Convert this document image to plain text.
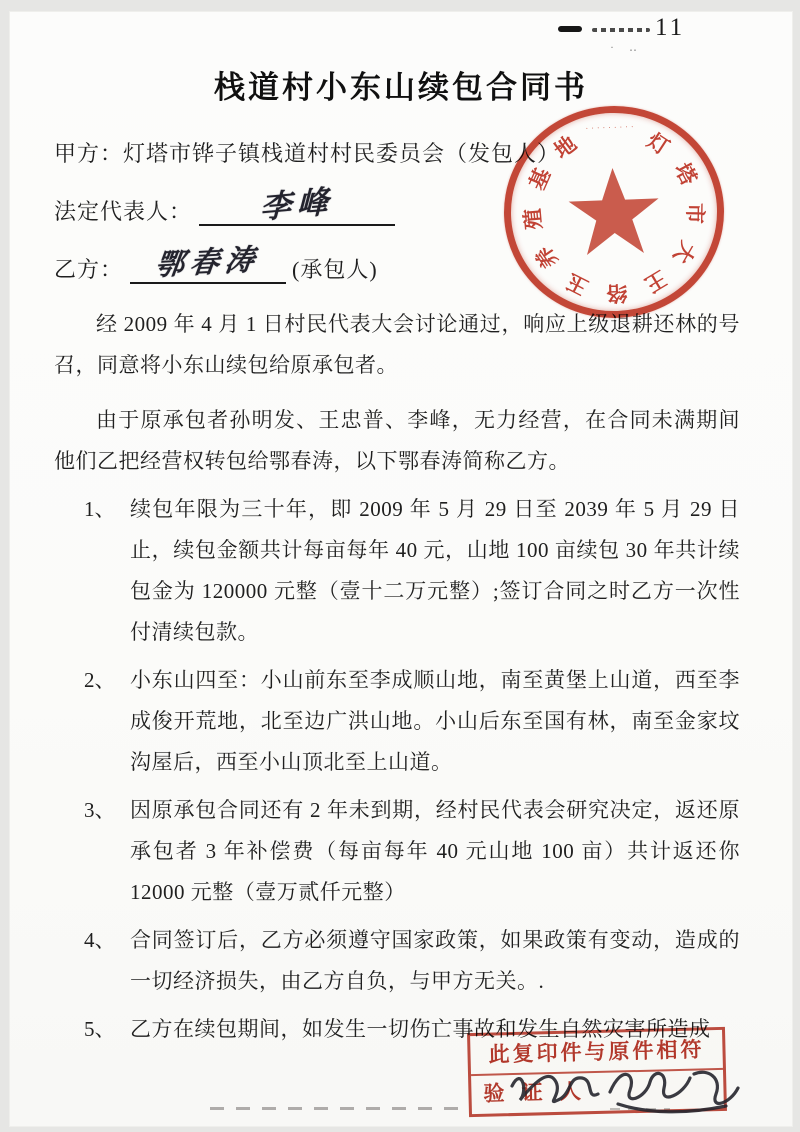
· ‥
11
栈道村小东山续包合同书
甲方：灯塔市铧子镇栈道村村民委员会（发包人）
法定代表人： 李峰
乙方： 鄂春涛 (承包人)

经 2009 年 4 月 1 日村民代表大会讨论通过，响应上级退耕还林的号召，同意将小东山续包给原承包者。

由于原承包者孙明发、王忠普、李峰，无力经营，在合同未满期间他们乙把经营权转包给鄂春涛，以下鄂春涛简称乙方。

1、 续包年限为三十年，即 2009 年 5 月 29 日至 2039 年 5 月 29 日止，续包金额共计每亩每年 40 元，山地 100 亩续包 30 年共计续包金为 120000 元整（壹十二万元整）;签订合同之时乙方一次性付清续包款。
2、 小东山四至：小山前东至李成顺山地，南至黄堡上山道，西至李成俊开荒地，北至边广洪山地。小山后东至国有林，南至金家坟沟屋后，西至小山顶北至上山道。
3、 因原承包合同还有 2 年未到期，经村民代表会研究决定，返还原承包者 3 年补偿费（每亩每年 40 元山地 100 亩）共计返还你 12000 元整（壹万贰仟元整）
4、 合同签订后，乙方必须遵守国家政策，如果政策有变动，造成的一切经济损失，由乙方自负，与甲方无关。.
5、 乙方在续包期间，如发生一切伤亡事故和发生自然灾害所造成
·········
灯
塔
市
大
王
络
玉
养
殖
基
地
此复印件与原件相符
验 证 人
